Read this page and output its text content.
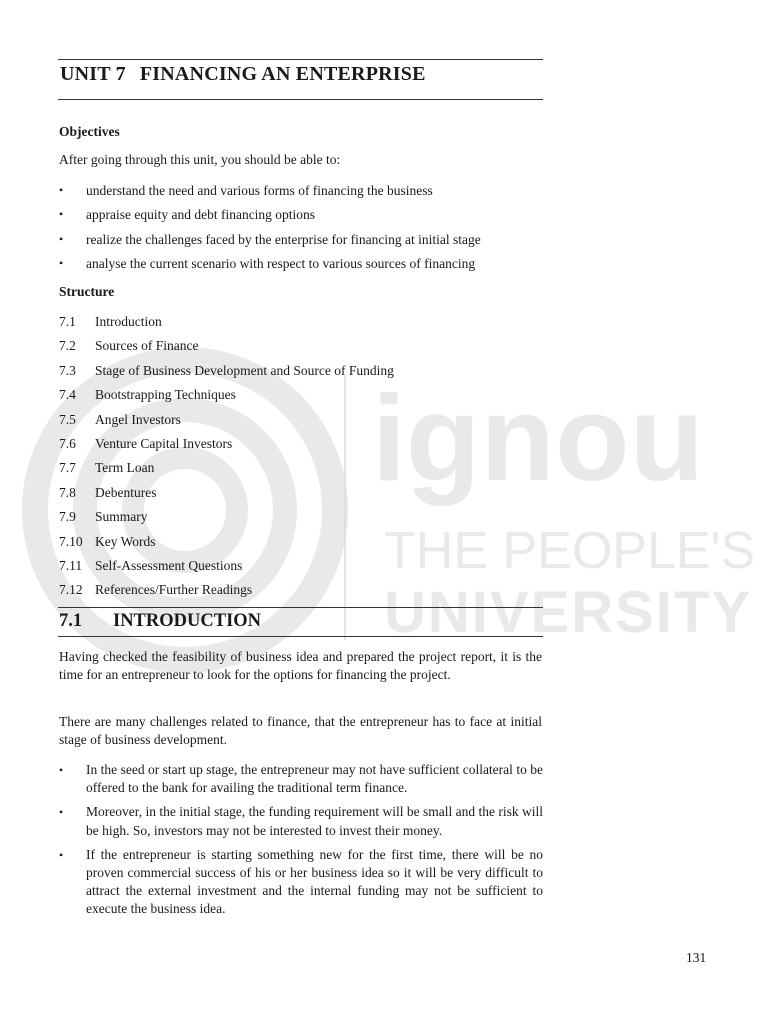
ignou
THE PEOPLE'S
UNIVERSITY
UNIT 7 FINANCING AN ENTERPRISE

Objectives

After going through this unit, you should be able to:

• understand the need and various forms of financing the business
• appraise equity and debt financing options
• realize the challenges faced by the enterprise for financing at initial stage
• analyse the current scenario with respect to various sources of financing

Structure

7.1 Introduction
7.2 Sources of Finance
7.3 Stage of Business Development and Source of Funding
7.4 Bootstrapping Techniques
7.5 Angel Investors
7.6 Venture Capital Investors
7.7 Term Loan
7.8 Debentures
7.9 Summary
7.10 Key Words
7.11 Self-Assessment Questions
7.12 References/Further Readings
7.1 INTRODUCTION

Having checked the feasibility of business idea and prepared the project report, it is the time for an entrepreneur to look for the options for financing the project.

There are many challenges related to finance, that the entrepreneur has to face at initial stage of business development.

• In the seed or start up stage, the entrepreneur may not have sufficient collateral to be offered to the bank for availing the traditional term finance.
• Moreover, in the initial stage, the funding requirement will be small and the risk will be high. So, investors may not be interested to invest their money.
• If the entrepreneur is starting something new for the first time, there will be no proven commercial success of his or her business idea so it will be very difficult to attract the external investment and the internal funding may not be sufficient to execute the business idea.

131
